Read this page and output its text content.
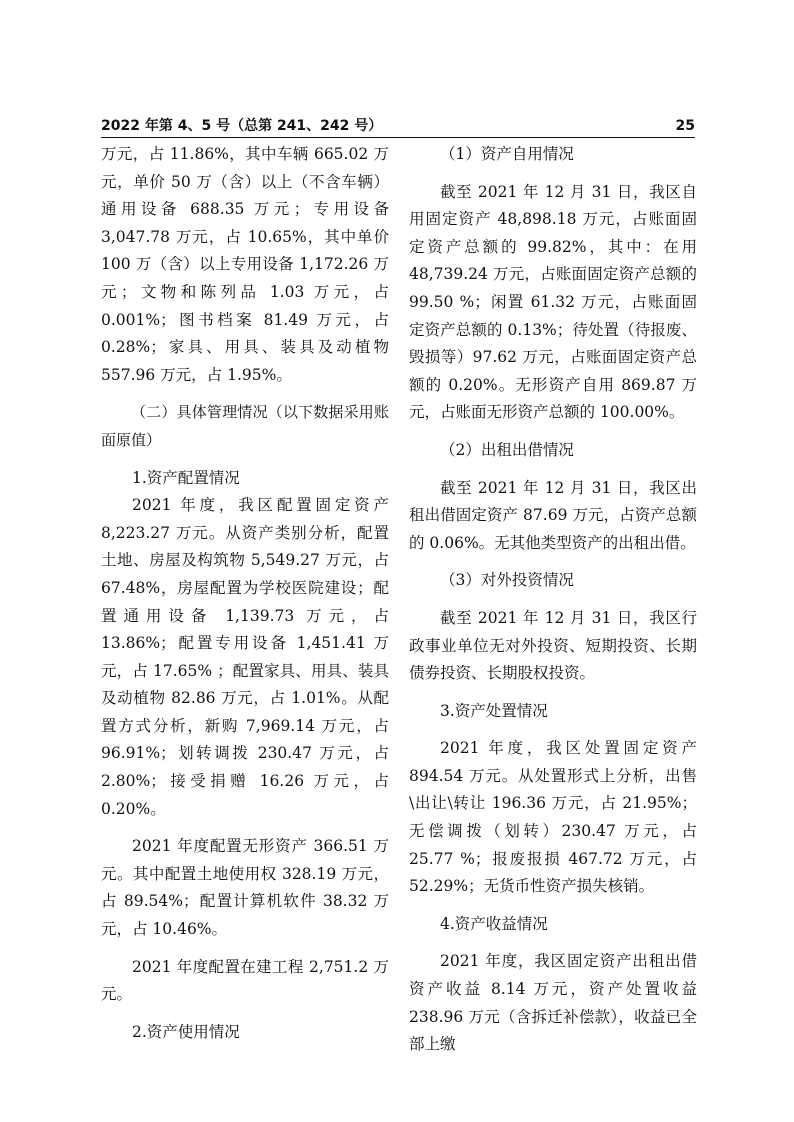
2022 年第 4、5 号（总第 241、242 号）	25

万元，占 11.86%，其中车辆 665.02 万元，单价 50 万（含）以上（不含车辆）通用设备 688.35 万元；专用设备 3,047.78 万元，占 10.65%，其中单价 100 万（含）以上专用设备 1,172.26 万元；文物和陈列品 1.03 万元，占 0.001%；图书档案 81.49 万元，占 0.28%；家具、用具、装具及动植物 557.96 万元，占 1.95%。

（二）具体管理情况（以下数据采用账面原值）

1.资产配置情况

2021 年度，我区配置固定资产 8,223.27 万元。从资产类别分析，配置土地、房屋及构筑物 5,549.27 万元，占 67.48%，房屋配置为学校医院建设；配置通用设备 1,139.73 万元，占 13.86%；配置专用设备 1,451.41 万元，占 17.65% ；配置家具、用具、装具及动植物 82.86 万元，占 1.01%。从配置方式分析，新购 7,969.14 万元，占 96.91%；划转调拨 230.47 万元，占 2.80%；接受捐赠 16.26 万元，占 0.20%。

2021 年度配置无形资产 366.51 万元。其中配置土地使用权 328.19 万元，占 89.54%；配置计算机软件 38.32 万元，占 10.46%。

2021 年度配置在建工程 2,751.2 万元。

2.资产使用情况

（1）资产自用情况

截至 2021 年 12 月 31 日，我区自用固定资产 48,898.18 万元，占账面固定资产总额的 99.82%，其中：在用 48,739.24 万元，占账面固定资产总额的 99.50 %；闲置 61.32 万元，占账面固定资产总额的 0.13%；待处置（待报废、毁损等）97.62 万元，占账面固定资产总额的 0.20%。无形资产自用 869.87 万元，占账面无形资产总额的 100.00%。

（2）出租出借情况

截至 2021 年 12 月 31 日，我区出租出借固定资产 87.69 万元，占资产总额的 0.06%。无其他类型资产的出租出借。

（3）对外投资情况

截至 2021 年 12 月 31 日，我区行政事业单位无对外投资、短期投资、长期债券投资、长期股权投资。

3.资产处置情况

2021 年度，我区处置固定资产 894.54 万元。从处置形式上分析，出售\出让\转让 196.36 万元，占 21.95%；无偿调拨（划转）230.47 万元，占 25.77 %；报废报损 467.72 万元，占 52.29%；无货币性资产损失核销。

4.资产收益情况

2021 年度，我区固定资产出租出借资产收益 8.14 万元，资产处置收益 238.96 万元（含拆迁补偿款），收益已全部上缴
